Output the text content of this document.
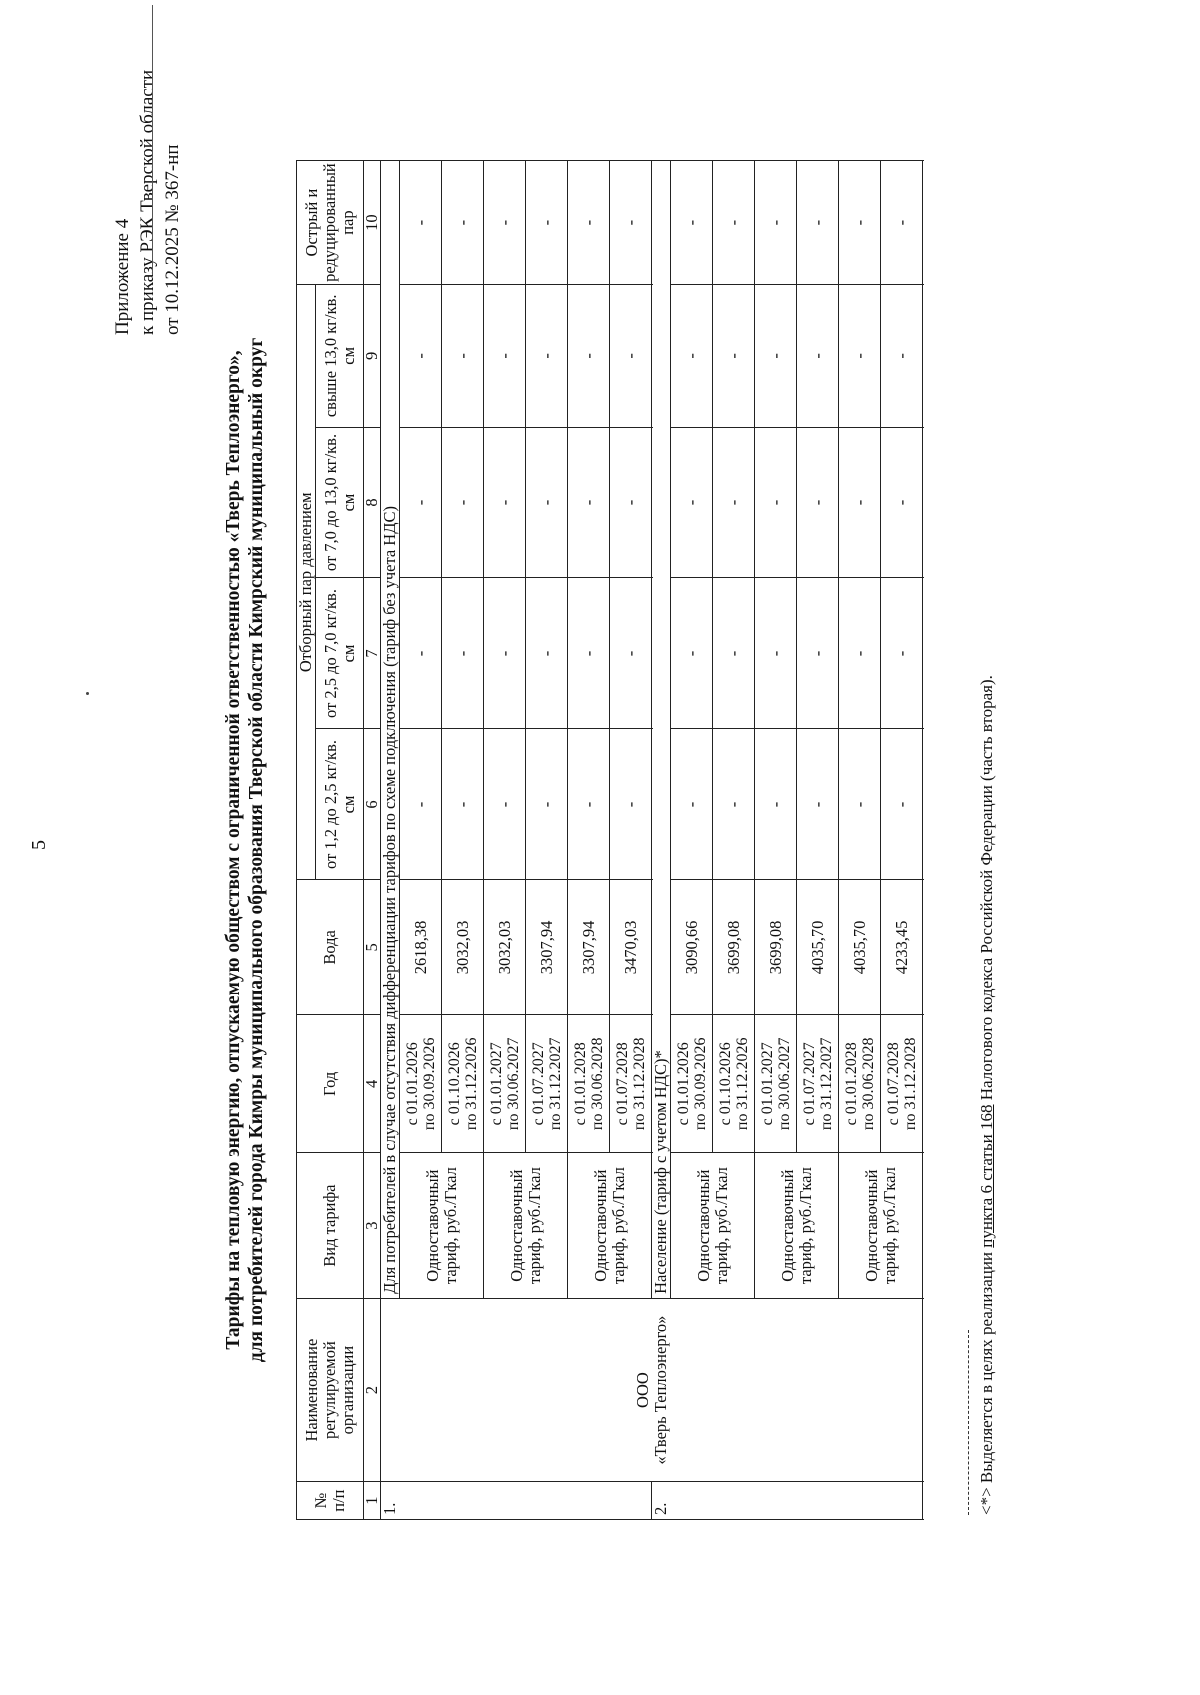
5
Приложение 4 к приказу РЭК Тверской области от 10.12.2025 № 367-нп
Тарифы на тепловую энергию, отпускаемую обществом с ограниченной ответственностью «Тверь Теплоэнерго», для потребителей города Кимры муниципального образования Тверской области Кимрский муниципальный округ
№ п/п	Наименование регулируемой организации	Вид тарифа	Год	Вода	Отборный пар давлением				Острый и редуцированный пар
					от 1,2 до 2,5 кг/кв. см	от 2,5 до 7,0 кг/кв. см	от 7,0 до 13,0 кг/кв. см	свыше 13,0 кг/кв. см	
1	2	3	4	5	6	7	8	9	10
1.	ООО «Тверь Теплоэнерго»	Для потребителей в случае отсутствия дифференциации тарифов по схеме подключения (тариф без учета НДС)							
		Одноставочный тариф, руб./Гкал	с 01.01.2026 по 30.09.2026	2618,38	-	-	-	-	-

			с 01.10.2026 по 31.12.2026	3032,03	-	-	-	-	-

		Одноставочный тариф, руб./Гкал	с 01.01.2027 по 30.06.2027	3032,03	-	-	-	-	-

			с 01.07.2027 по 31.12.2027	3307,94	-	-	-	-	-

		Одноставочный тариф, руб./Гкал	с 01.01.2028 по 30.06.2028	3307,94	-	-	-	-	-

			с 01.07.2028 по 31.12.2028	3470,03	-	-	-	-	-

2.		Население (тариф с учетом НДС)*							
		Одноставочный тариф, руб./Гкал	с 01.01.2026 по 30.09.2026	3090,66	-	-	-	-	-

			с 01.10.2026 по 31.12.2026	3699,08	-	-	-	-	-

		Одноставочный тариф, руб./Гкал	с 01.01.2027 по 30.06.2027	3699,08	-	-	-	-	-

			с 01.07.2027 по 31.12.2027	4035,70	-	-	-	-	-

		Одноставочный тариф, руб./Гкал	с 01.01.2028 по 30.06.2028	4035,70	-	-	-	-	-

			с 01.07.2028 по 31.12.2028	4233,45	-	-	-	-	-

<*> Выделяется в целях реализации пункта 6 статьи 168 Налогового кодекса Российской Федерации (часть вторая).
